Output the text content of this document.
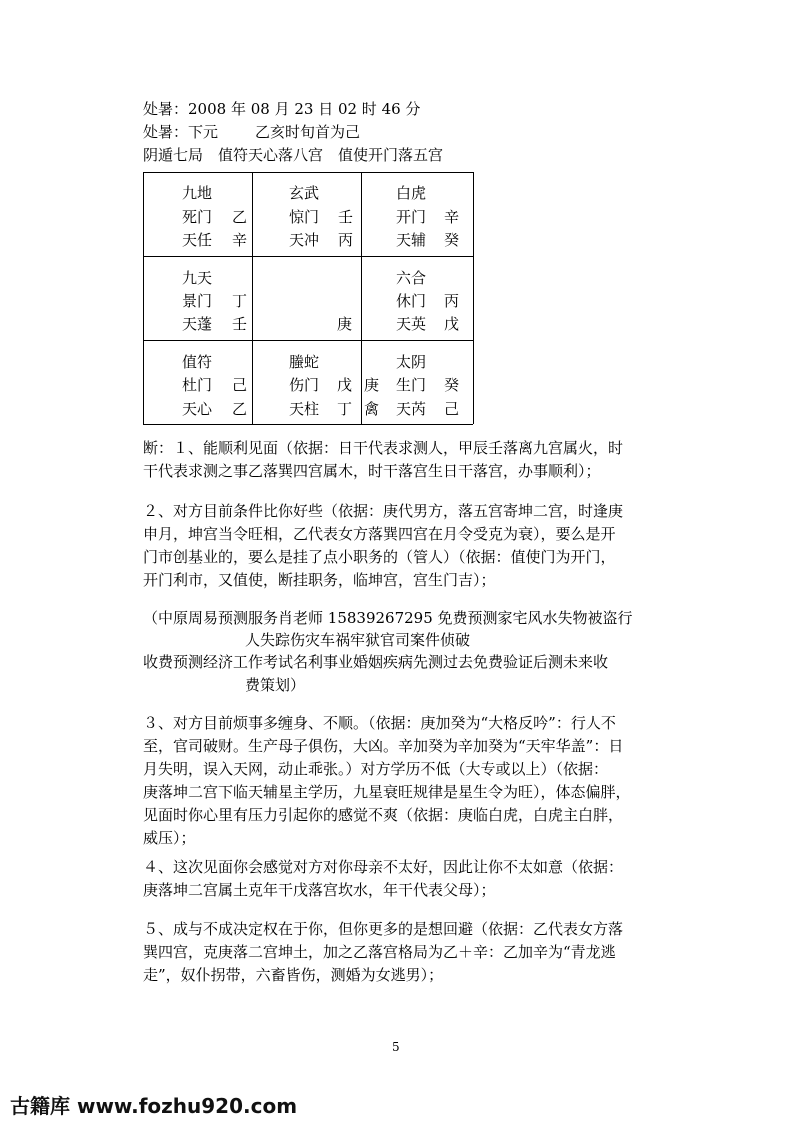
处暑：2008 年 08 月 23 日 02 时 46 分
处暑：下元 乙亥时旬首为己
阴遁七局　值符天心落八宫　值使开门落五宫
九地
死门 乙
天任 辛
玄武
惊门 壬
天冲 丙
白虎
开门 辛
天辅 癸
九天
景门 丁
天蓬 壬	庚
六合
休门 丙
天英 戊
值符
杜门 己
天心 乙
螣蛇
伤门 戊
天柱 丁
庚
禽
太阴
生门 癸
天芮 己
断：１、能顺利见面（依据：日干代表求测人，甲辰壬落离九宫属火，时
干代表求测之事乙落巽四宫属木，时干落宫生日干落宫，办事顺利）；
２、对方目前条件比你好些（依据：庚代男方，落五宫寄坤二宫，时逢庚
申月，坤宫当令旺相，乙代表女方落巽四宫在月令受克为衰），要么是开
门市创基业的，要么是挂了点小职务的（管人）（依据：值使门为开门，
开门利市，又值使，断挂职务，临坤宫，宫生门吉）；
（中原周易预测服务肖老师 15839267295 免费预测家宅风水失物被盗行
人失踪伤灾车祸牢狱官司案件侦破
收费预测经济工作考试名利事业婚姻疾病先测过去免费验证后测未来收
费策划）
３、对方目前烦事多缠身、不顺。（依据：庚加癸为“大格反吟”：行人不
至，官司破财。生产母子俱伤，大凶。辛加癸为辛加癸为“天牢华盖”：日
月失明，误入天网，动止乖张。）对方学历不低（大专或以上）（依据：
庚落坤二宫下临天辅星主学历，九星衰旺规律是星生令为旺），体态偏胖，
见面时你心里有压力引起你的感觉不爽（依据：庚临白虎，白虎主白胖，
威压）；
４、这次见面你会感觉对方对你母亲不太好，因此让你不太如意（依据：
庚落坤二宫属土克年干戊落宫坎水，年干代表父母）；
５、成与不成决定权在于你，但你更多的是想回避（依据：乙代表女方落
巽四宫，克庚落二宫坤土，加之乙落宫格局为乙＋辛：乙加辛为“青龙逃
走”，奴仆拐带，六畜皆伤，测婚为女逃男）；
5
古籍库 www.fozhu920.com
